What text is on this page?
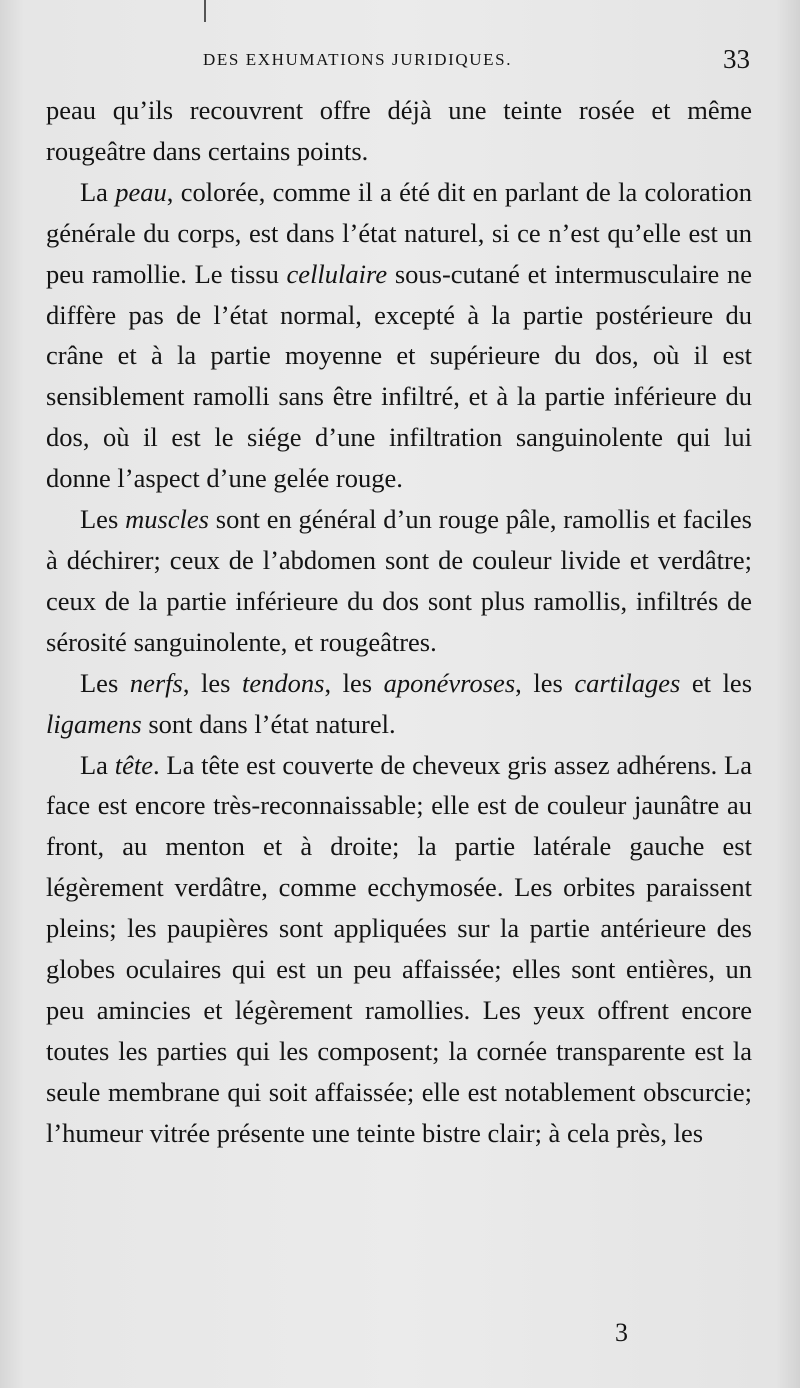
DES EXHUMATIONS JURIDIQUES.	33

peau qu’ils recouvrent offre déjà une teinte rosée et même rougeâtre dans certains points.

La peau, colorée, comme il a été dit en parlant de la coloration générale du corps, est dans l’état naturel, si ce n’est qu’elle est un peu ramollie. Le tissu cellulaire sous-cutané et intermusculaire ne diffère pas de l’état normal, excepté à la partie postérieure du crâne et à la partie moyenne et supérieure du dos, où il est sensiblement ramolli sans être infiltré, et à la partie inférieure du dos, où il est le siége d’une infiltration sanguinolente qui lui donne l’aspect d’une gelée rouge.

Les muscles sont en général d’un rouge pâle, ramollis et faciles à déchirer; ceux de l’abdomen sont de couleur livide et verdâtre; ceux de la partie inférieure du dos sont plus ramollis, infiltrés de sérosité sanguinolente, et rougeâtres.

Les nerfs, les tendons, les aponévroses, les cartilages et les ligamens sont dans l’état naturel.

La tête. La tête est couverte de cheveux gris assez adhérens. La face est encore très-reconnaissable; elle est de couleur jaunâtre au front, au menton et à droite; la partie latérale gauche est légèrement verdâtre, comme ecchymosée. Les orbites paraissent pleins; les paupières sont appliquées sur la partie antérieure des globes oculaires qui est un peu affaissée; elles sont entières, un peu amincies et légèrement ramollies. Les yeux offrent encore toutes les parties qui les composent; la cornée transparente est la seule membrane qui soit affaissée; elle est notablement obscurcie; l’humeur vitrée présente une teinte bistre clair; à cela près, les

3
